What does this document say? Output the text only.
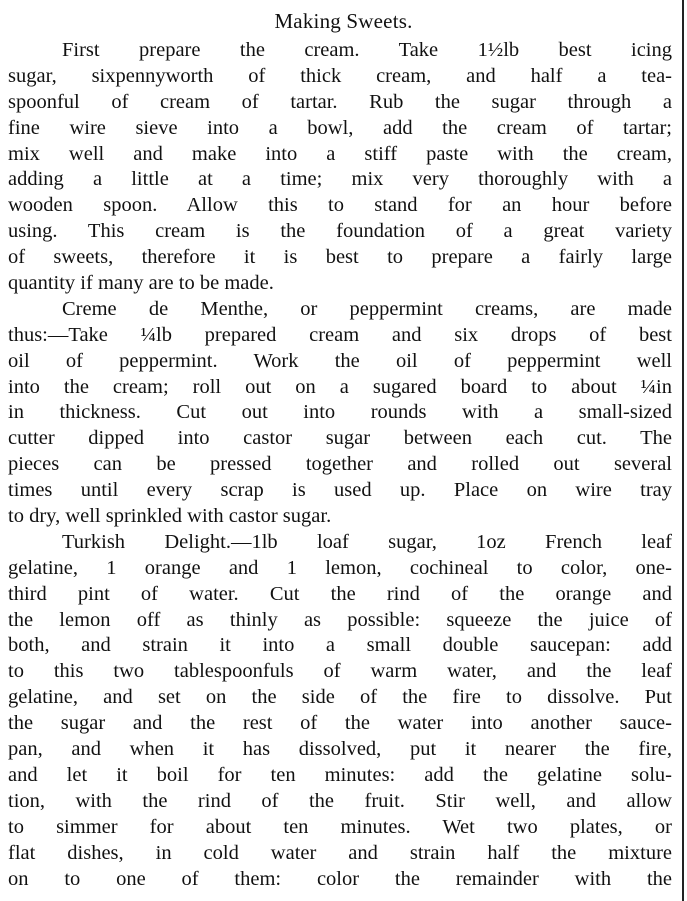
Making Sweets.
First prepare the cream. Take 1½lb best icing
sugar, sixpennyworth of thick cream, and half a tea-
spoonful of cream of tartar. Rub the sugar through a
fine wire sieve into a bowl, add the cream of tartar;
mix well and make into a stiff paste with the cream,
adding a little at a time; mix very thoroughly with a
wooden spoon. Allow this to stand for an hour before
using. This cream is the foundation of a great variety
of sweets, therefore it is best to prepare a fairly large
quantity if many are to be made.
Creme de Menthe, or peppermint creams, are made
thus:—Take ¼lb prepared cream and six drops of best
oil of peppermint. Work the oil of peppermint well
into the cream; roll out on a sugared board to about ¼in
in thickness. Cut out into rounds with a small-sized
cutter dipped into castor sugar between each cut. The
pieces can be pressed together and rolled out several
times until every scrap is used up. Place on wire tray
to dry, well sprinkled with castor sugar.
Turkish Delight.—1lb loaf sugar, 1oz French leaf
gelatine, 1 orange and 1 lemon, cochineal to color, one-
third pint of water. Cut the rind of the orange and
the lemon off as thinly as possible: squeeze the juice of
both, and strain it into a small double saucepan: add
to this two tablespoonfuls of warm water, and the leaf
gelatine, and set on the side of the fire to dissolve. Put
the sugar and the rest of the water into another sauce-
pan, and when it has dissolved, put it nearer the fire,
and let it boil for ten minutes: add the gelatine solu-
tion, with the rind of the fruit. Stir well, and allow
to simmer for about ten minutes. Wet two plates, or
flat dishes, in cold water and strain half the mixture
on to one of them: color the remainder with the
